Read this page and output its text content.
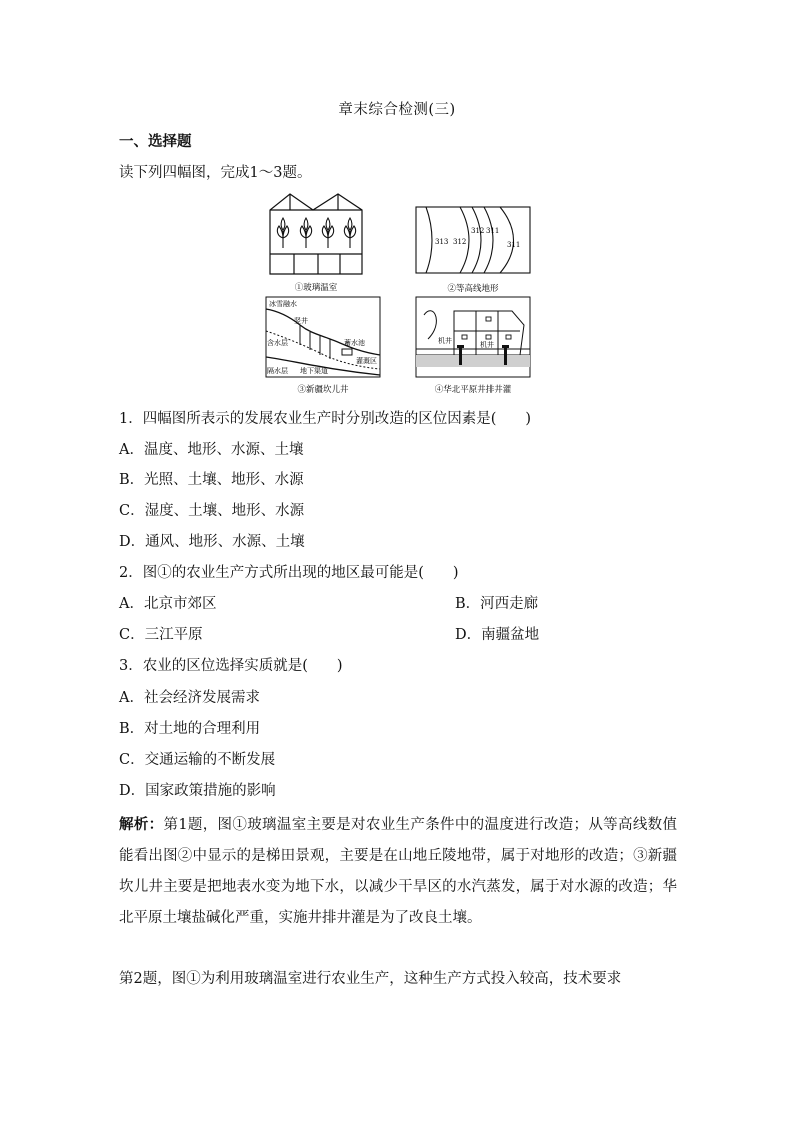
章末综合检测(三)
一、选择题
读下列四幅图，完成1～3题。
①玻璃温室
313 312
312 311
311
②等高线地形
冰雪融水
竖井
含水层	蓄水池
灌溉区
隔水层 地下渠道
③新疆坎儿井
机井	机井
④华北平原井排井灌
1．四幅图所表示的发展农业生产时分别改造的区位因素是(　　)
A．温度、地形、水源、土壤
B．光照、土壤、地形、水源
C．湿度、土壤、地形、水源
D．通风、地形、水源、土壤
2．图①的农业生产方式所出现的地区最可能是(　　)
A．北京市郊区	B．河西走廊
C．三江平原	D．南疆盆地
3．农业的区位选择实质就是(　　)
A．社会经济发展需求
B．对土地的合理利用
C．交通运输的不断发展
D．国家政策措施的影响

解析：第1题，图①玻璃温室主要是对农业生产条件中的温度进行改造；从等高线数值能看出图②中显示的是梯田景观，主要是在山地丘陵地带，属于对地形的改造；③新疆坎儿井主要是把地表水变为地下水，以减少干旱区的水汽蒸发，属于对水源的改造；华北平原土壤盐碱化严重，实施井排井灌是为了改良土壤。

第2题，图①为利用玻璃温室进行农业生产，这种生产方式投入较高，技术要求
